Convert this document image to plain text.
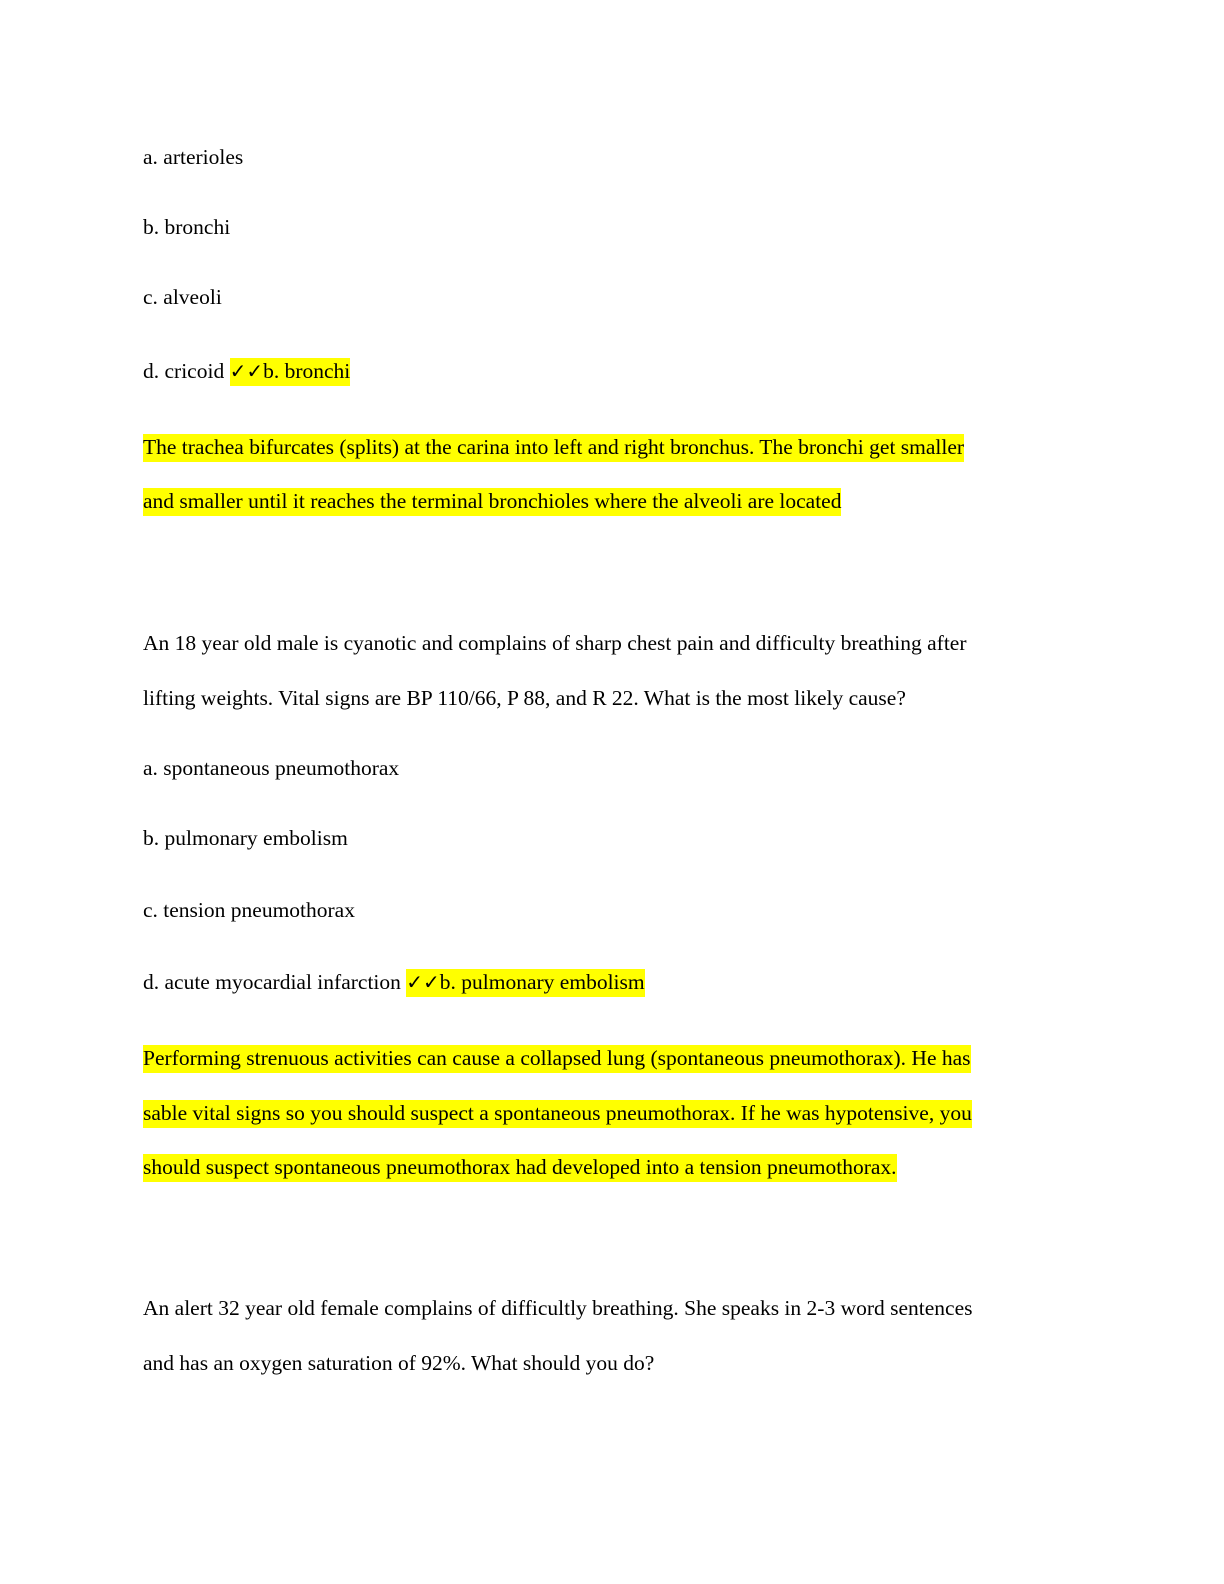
a. arterioles

b. bronchi

c. alveoli

d. cricoid ✓✓b. bronchi

The trachea bifurcates (splits) at the carina into left and right bronchus. The bronchi get smaller

and smaller until it reaches the terminal bronchioles where the alveoli are located

An 18 year old male is cyanotic and complains of sharp chest pain and difficulty breathing after

lifting weights. Vital signs are BP 110/66, P 88, and R 22. What is the most likely cause?

a. spontaneous pneumothorax

b. pulmonary embolism

c. tension pneumothorax

d. acute myocardial infarction ✓✓b. pulmonary embolism

Performing strenuous activities can cause a collapsed lung (spontaneous pneumothorax). He has

sable vital signs so you should suspect a spontaneous pneumothorax. If he was hypotensive, you

should suspect spontaneous pneumothorax had developed into a tension pneumothorax.

An alert 32 year old female complains of difficultly breathing. She speaks in 2-3 word sentences

and has an oxygen saturation of 92%. What should you do?
